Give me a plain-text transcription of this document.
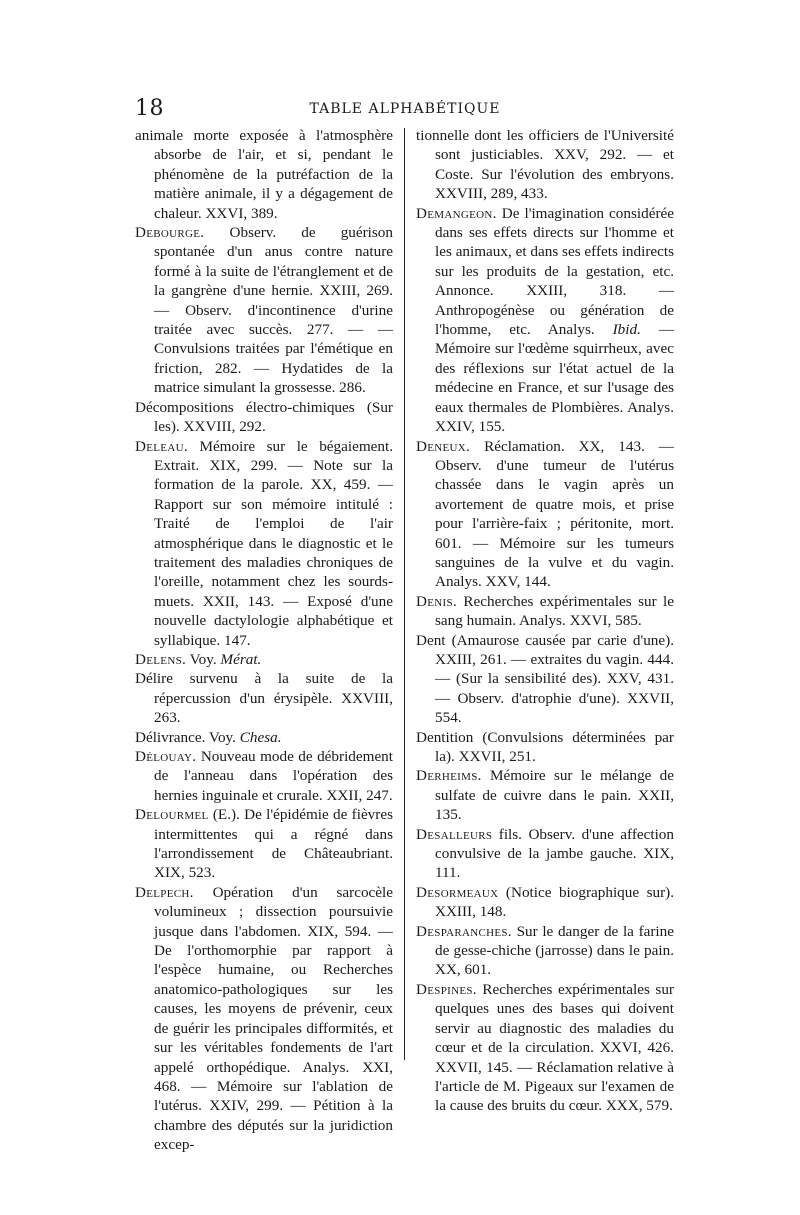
18	TABLE ALPHABÉTIQUE

animale morte exposée à l'atmosphère absorbe de l'air, et si, pendant le phénomène de la putréfaction de la matière animale, il y a dégagement de chaleur. XXVI, 389.

Debourge. Observ. de guérison spontanée d'un anus contre nature formé à la suite de l'étranglement et de la gangrène d'une hernie. XXIII, 269. — Observ. d'incontinence d'urine traitée avec succès. 277. — — Convulsions traitées par l'émétique en friction, 282. — Hydatides de la matrice simulant la grossesse. 286.

Décompositions électro-chimiques (Sur les). XXVIII, 292.

Deleau. Mémoire sur le bégaiement. Extrait. XIX, 299. — Note sur la formation de la parole. XX, 459. — Rapport sur son mémoire intitulé : Traité de l'emploi de l'air atmosphérique dans le diagnostic et le traitement des maladies chroniques de l'oreille, notamment chez les sourds-muets. XXII, 143. — Exposé d'une nouvelle dactylologie alphabétique et syllabique. 147.

Delens. Voy. Mérat.

Délire survenu à la suite de la répercussion d'un érysipèle. XXVIII, 263.

Délivrance. Voy. Chesa.

Délouay. Nouveau mode de débridement de l'anneau dans l'opération des hernies inguinale et crurale. XXII, 247.

Delourmel (E.). De l'épidémie de fièvres intermittentes qui a régné dans l'arrondissement de Châteaubriant. XIX, 523.

Delpech. Opération d'un sarcocèle volumineux ; dissection poursuivie jusque dans l'abdomen. XIX, 594. — De l'orthomorphie par rapport à l'espèce humaine, ou Recherches anatomico-pathologiques sur les causes, les moyens de prévenir, ceux de guérir les principales difformités, et sur les véritables fondements de l'art appelé orthopédique. Analys. XXI, 468. — Mémoire sur l'ablation de l'utérus. XXIV, 299. — Pétition à la chambre des députés sur la juridiction excep-

tionnelle dont les officiers de l'Université sont justiciables. XXV, 292. — et Coste. Sur l'évolution des embryons. XXVIII, 289, 433.

Demangeon. De l'imagination considérée dans ses effets directs sur l'homme et les animaux, et dans ses effets indirects sur les produits de la gestation, etc. Annonce. XXIII, 318. — Anthropogénèse ou génération de l'homme, etc. Analys. Ibid. — Mémoire sur l'œdème squirrheux, avec des réflexions sur l'état actuel de la médecine en France, et sur l'usage des eaux thermales de Plombières. Analys. XXIV, 155.

Deneux. Réclamation. XX, 143. — Observ. d'une tumeur de l'utérus chassée dans le vagin après un avortement de quatre mois, et prise pour l'arrière-faix ; péritonite, mort. 601. — Mémoire sur les tumeurs sanguines de la vulve et du vagin. Analys. XXV, 144.

Denis. Recherches expérimentales sur le sang humain. Analys. XXVI, 585.

Dent (Amaurose causée par carie d'une). XXIII, 261. — extraites du vagin. 444. — (Sur la sensibilité des). XXV, 431. — Observ. d'atrophie d'une). XXVII, 554.

Dentition (Convulsions déterminées par la). XXVII, 251.

Derheims. Mémoire sur le mélange de sulfate de cuivre dans le pain. XXII, 135.

Desalleurs fils. Observ. d'une affection convulsive de la jambe gauche. XIX, 111.

Desormeaux (Notice biographique sur). XXIII, 148.

Desparanches. Sur le danger de la farine de gesse-chiche (jarrosse) dans le pain. XX, 601.

Despines. Recherches expérimentales sur quelques unes des bases qui doivent servir au diagnostic des maladies du cœur et de la circulation. XXVI, 426. XXVII, 145. — Réclamation relative à l'article de M. Pigeaux sur l'examen de la cause des bruits du cœur. XXX, 579.
